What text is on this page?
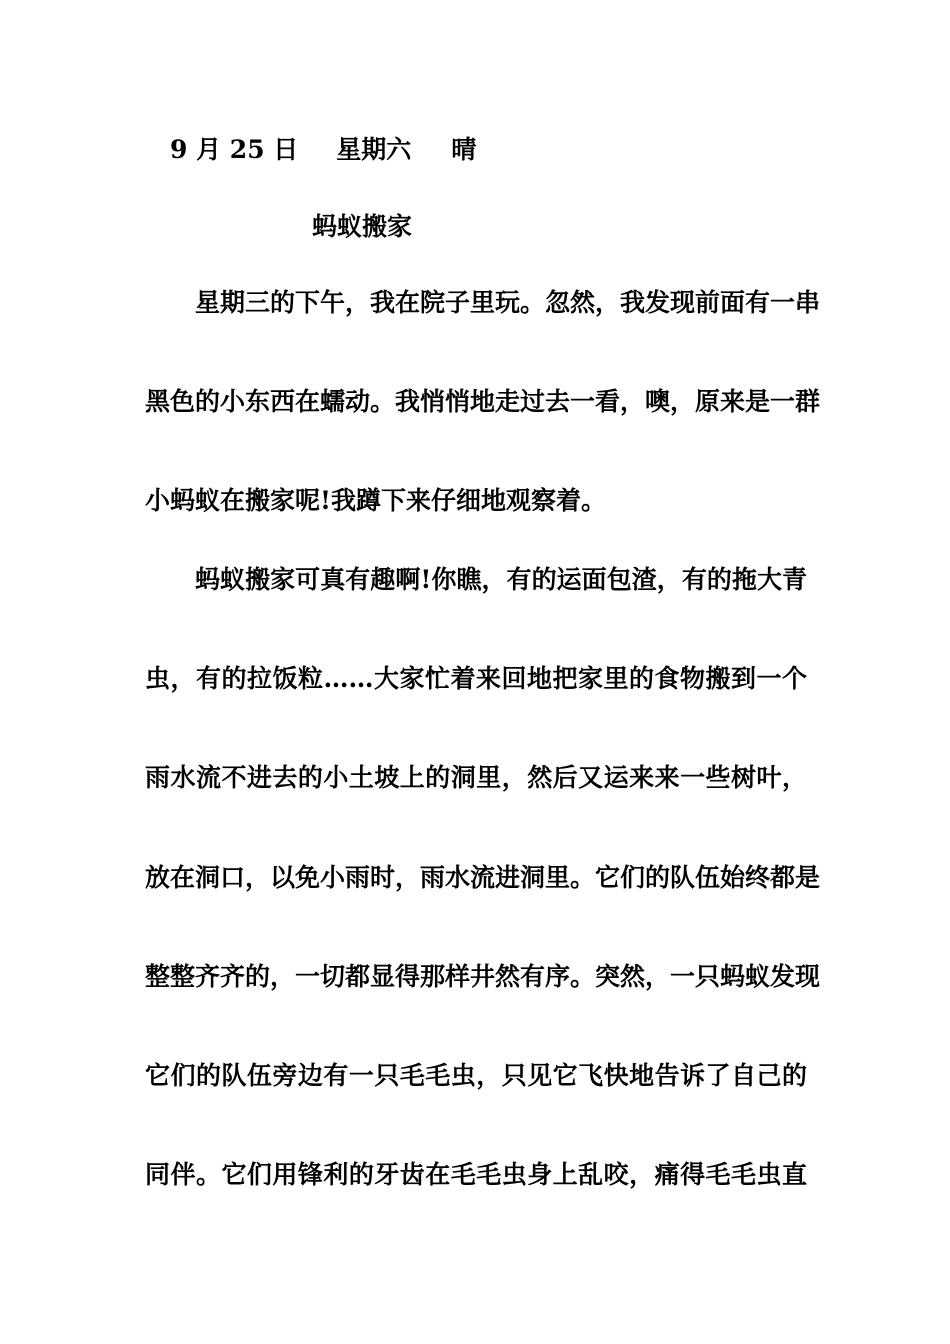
9 月 25 日 星期六 晴
蚂蚁搬家
星期三的下午，我在院子里玩。忽然，我发现前面有一串
黑色的小东西在蠕动。我悄悄地走过去一看，噢，原来是一群
小蚂蚁在搬家呢!我蹲下来仔细地观察着。
蚂蚁搬家可真有趣啊!你瞧，有的运面包渣，有的拖大青
虫，有的拉饭粒……大家忙着来回地把家里的食物搬到一个
雨水流不进去的小土坡上的洞里，然后又运来来一些树叶，
放在洞口，以免小雨时，雨水流进洞里。它们的队伍始终都是
整整齐齐的，一切都显得那样井然有序。突然，一只蚂蚁发现
它们的队伍旁边有一只毛毛虫，只见它飞快地告诉了自己的
同伴。它们用锋利的牙齿在毛毛虫身上乱咬，痛得毛毛虫直
